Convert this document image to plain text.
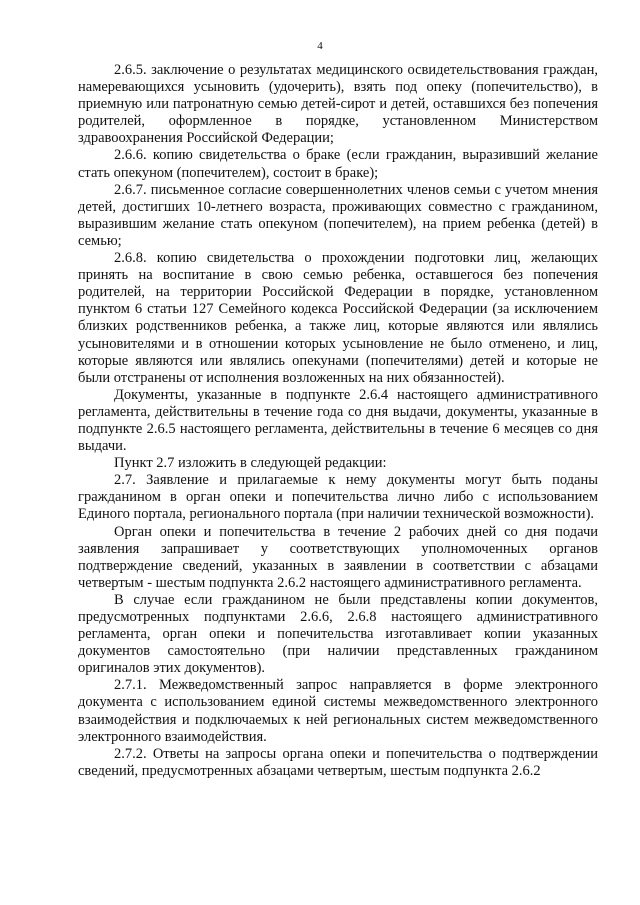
4

2.6.5. заключение о результатах медицинского освидетельствования граждан, намеревающихся усыновить (удочерить), взять под опеку (попечительство), в приемную или патронатную семью детей-сирот и детей, оставшихся без попечения родителей, оформленное в порядке, установленном Министерством здравоохранения Российской Федерации;

2.6.6. копию свидетельства о браке (если гражданин, выразивший желание стать опекуном (попечителем), состоит в браке);

2.6.7. письменное согласие совершеннолетних членов семьи с учетом мнения детей, достигших 10-летнего возраста, проживающих совместно с гражданином, выразившим желание стать опекуном (попечителем), на прием ребенка (детей) в семью;

2.6.8. копию свидетельства о прохождении подготовки лиц, желающих принять на воспитание в свою семью ребенка, оставшегося без попечения родителей, на территории Российской Федерации в порядке, установленном пунктом 6 статьи 127 Семейного кодекса Российской Федерации (за исключением близких родственников ребенка, а также лиц, которые являются или являлись усыновителями и в отношении которых усыновление не было отменено, и лиц, которые являются или являлись опекунами (попечителями) детей и которые не были отстранены от исполнения возложенных на них обязанностей).

Документы, указанные в подпункте 2.6.4 настоящего административного регламента, действительны в течение года со дня выдачи, документы, указанные в подпункте 2.6.5 настоящего регламента, действительны в течение 6 месяцев со дня выдачи.

Пункт 2.7 изложить в следующей редакции:

2.7. Заявление и прилагаемые к нему документы могут быть поданы гражданином в орган опеки и попечительства лично либо с использованием Единого портала, регионального портала (при наличии технической возможности).

Орган опеки и попечительства в течение 2 рабочих дней со дня подачи заявления запрашивает у соответствующих уполномоченных органов подтверждение сведений, указанных в заявлении в соответствии с абзацами четвертым - шестым подпункта 2.6.2 настоящего административного регламента.

В случае если гражданином не были представлены копии документов, предусмотренных подпунктами 2.6.6, 2.6.8 настоящего административного регламента, орган опеки и попечительства изготавливает копии указанных документов самостоятельно (при наличии представленных гражданином оригиналов этих документов).

2.7.1. Межведомственный запрос направляется в форме электронного документа с использованием единой системы межведомственного электронного взаимодействия и подключаемых к ней региональных систем межведомственного электронного взаимодействия.

2.7.2. Ответы на запросы органа опеки и попечительства о подтверждении сведений, предусмотренных абзацами четвертым, шестым подпункта 2.6.2
